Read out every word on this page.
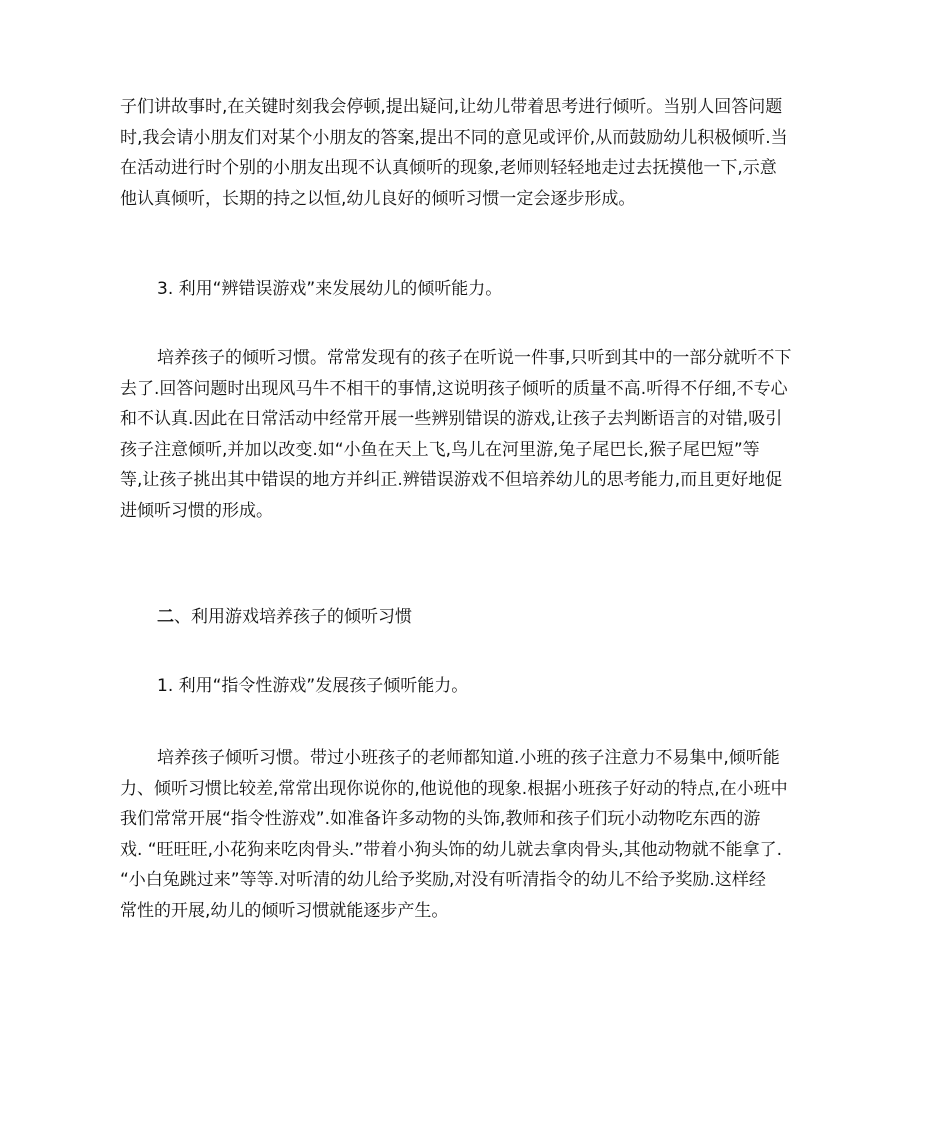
子们讲故事时,在关键时刻我会停顿,提出疑问,让幼儿带着思考进行倾听。当别人回答问题
时,我会请小朋友们对某个小朋友的答案,提出不同的意见或评价,从而鼓励幼儿积极倾听.当
在活动进行时个别的小朋友出现不认真倾听的现象,老师则轻轻地走过去抚摸他一下,示意
他认真倾听，长期的持之以恒,幼儿良好的倾听习惯一定会逐步形成。
3. 利用“辨错误游戏”来发展幼儿的倾听能力。
培养孩子的倾听习惯。常常发现有的孩子在听说一件事,只听到其中的一部分就听不下
去了.回答问题时出现风马牛不相干的事情,这说明孩子倾听的质量不高.听得不仔细,不专心
和不认真.因此在日常活动中经常开展一些辨别错误的游戏,让孩子去判断语言的对错,吸引
孩子注意倾听,并加以改变.如“小鱼在天上飞,鸟儿在河里游,兔子尾巴长,猴子尾巴短”等
等,让孩子挑出其中错误的地方并纠正.辨错误游戏不但培养幼儿的思考能力,而且更好地促
进倾听习惯的形成。
二、利用游戏培养孩子的倾听习惯
1. 利用“指令性游戏”发展孩子倾听能力。
培养孩子倾听习惯。带过小班孩子的老师都知道.小班的孩子注意力不易集中,倾听能
力、倾听习惯比较差,常常出现你说你的,他说他的现象.根据小班孩子好动的特点,在小班中
我们常常开展“指令性游戏”.如准备许多动物的头饰,教师和孩子们玩小动物吃东西的游
戏. “旺旺旺,小花狗来吃肉骨头.”带着小狗头饰的幼儿就去拿肉骨头,其他动物就不能拿了.
“小白兔跳过来”等等.对听清的幼儿给予奖励,对没有听清指令的幼儿不给予奖励.这样经
常性的开展,幼儿的倾听习惯就能逐步产生。
